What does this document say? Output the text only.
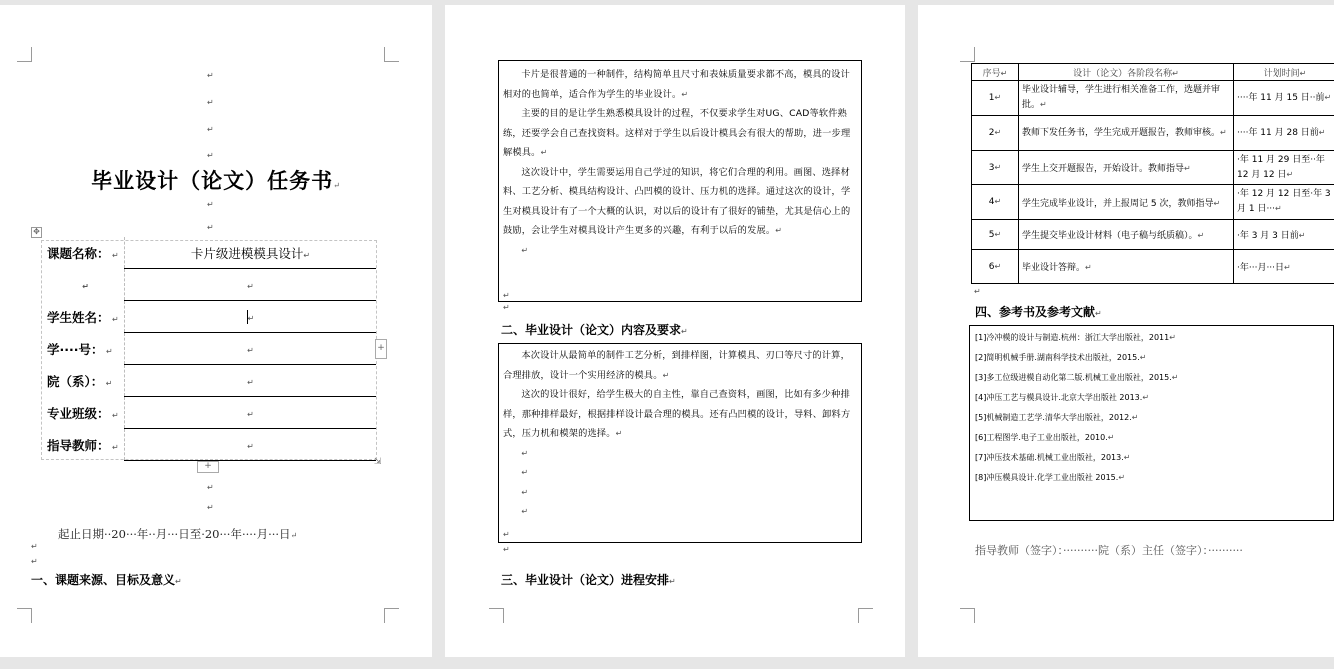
↵
↵
↵
↵
毕业设计（论文）任务书↵
↵
↵
✥
课题名称： ↵	卡片级进模模具设计↵
↵	↵
学生姓名： ↵	↵
学····号： ↵	↵
院（系）： ↵	↵
专业班级： ↵	↵
指导教师： ↵	↵
+
+	⇲
↵
↵
起止日期··20···年··月···日至·20···年····月···日↵
↵
↵
一、课题来源、目标及意义↵

卡片是很普通的一种制件，结构简单且尺寸和表妹质量要求都不高，模具的设计相对的也简单，适合作为学生的毕业设计。↵

主要的目的是让学生熟悉模具设计的过程，不仅要求学生对UG、CAD等软件熟练，还要学会自己查找资料。这样对于学生以后设计模具会有很大的帮助，进一步理解模具。↵

这次设计中，学生需要运用自己学过的知识，将它们合理的利用。画图、选择材料、工艺分析、模具结构设计、凸凹模的设计、压力机的选择。通过这次的设计，学生对模具设计有了一个大概的认识，对以后的设计有了很好的铺垫，尤其是信心上的鼓励，会让学生对模具设计产生更多的兴趣，有利于以后的发展。↵

↵

↵
↵
二、毕业设计（论文）内容及要求↵

本次设计从最简单的制件工艺分析，到排样图，计算模具、刃口等尺寸的计算，合理排放，设计一个实用经济的模具。↵

这次的设计很好，给学生极大的自主性，靠自己查资料，画图，比如有多少种排样，那种排样最好，根据排样设计最合理的模具。还有凸凹模的设计，导料、卸料方式，压力机和模架的选择。↵

↵

↵

↵

↵

↵
↵
三、毕业设计（论文）进程安排↵
序号↵	设计（论文）各阶段名称↵	计划时间↵
1↵	毕业设计辅导，学生进行相关准备工作，选题并审批。↵	····年 11 月 15 日··前↵
2↵	教师下发任务书，学生完成开题报告，教师审核。↵	····年 11 月 28 日前↵
3↵	学生上交开题报告，开始设计。教师指导↵	·年 11 月 29 日至··年 12 月 12 日↵
4↵	学生完成毕业设计，并上报周记 5 次，教师指导↵	·年 12 月 12 日至·年 3 月 1 日···↵
5↵	学生提交毕业设计材料（电子稿与纸质稿）。↵	·年 3 月 3 日前↵
6↵	毕业设计答辩。↵	·年···月···日↵
↵
四、参考书及参考文献↵

[1]冷冲模的设计与制造.杭州：浙江大学出版社，2011↵

[2]简明机械手册.湖南科学技术出版社，2015.↵

[3]多工位级进模自动化第二版.机械工业出版社，2015.↵

[4]冲压工艺与模具设计.北京大学出版社 2013.↵

[5]机械制造工艺学.清华大学出版社，2012.↵

[6]工程图学.电子工业出版社，2010.↵

[7]冲压技术基础.机械工业出版社，2013.↵

[8]冲压模具设计.化学工业出版社 2015.↵

指导教师（签字）：··········院（系）主任（签字）：··········
